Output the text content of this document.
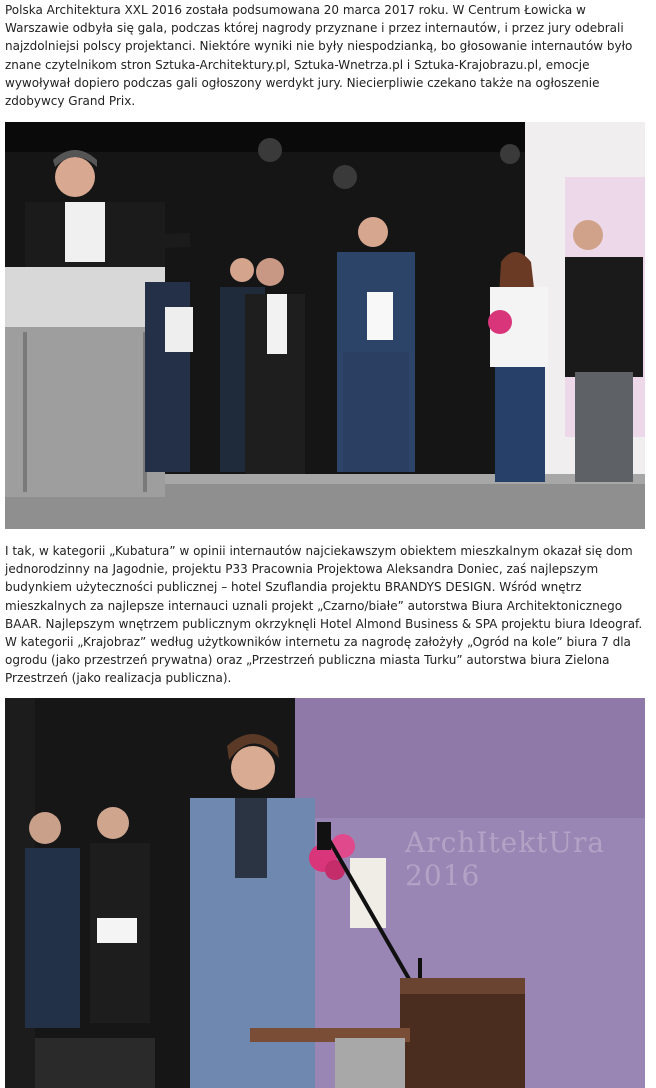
Polska Architektura XXL 2016 została podsumowana 20 marca 2017 roku. W Centrum Łowicka w Warszawie odbyła się gala, podczas której nagrody przyznane i przez internautów, i przez jury odebrali najzdolniejsi polscy projektanci. Niektóre wyniki nie były niespodzianką, bo głosowanie internautów było znane czytelnikom stron Sztuka-Architektury.pl, Sztuka-Wnetrza.pl i Sztuka-Krajobrazu.pl, emocje wywoływał dopiero podczas gali ogłoszony werdykt jury. Niecierpliwie czekano także na ogłoszenie zdobywcy Grand Prix.

I tak, w kategorii „Kubatura” w opinii internautów najciekawszym obiektem mieszkalnym okazał się dom jednorodzinny na Jagodnie, projektu P33 Pracownia Projektowa Aleksandra Doniec, zaś najlepszym budynkiem użyteczności publicznej – hotel Szuflandia projektu BRANDYS DESIGN. Wśród wnętrz mieszkalnych za najlepsze internauci uznali projekt „Czarno/białe” autorstwa Biura Architektonicznego BAAR. Najlepszym wnętrzem publicznym okrzyknęli Hotel Almond Business & SPA projektu biura Ideograf. W kategorii „Krajobraz” według użytkowników internetu za nagrodę założyły „Ogród na kole” biura 7 dla ogrodu (jako przestrzeń prywatna) oraz „Przestrzeń publiczna miasta Turku” autorstwa biura Zielona Przestrzeń (jako realizacja publiczna).

ArchItektUra 2016
